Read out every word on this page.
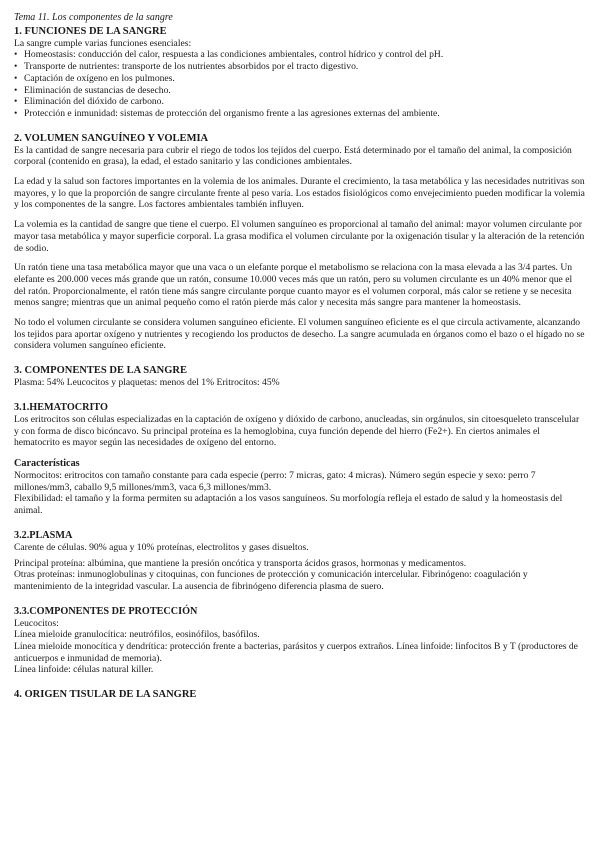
Tema 11. Los componentes de la sangre
1. FUNCIONES DE LA SANGRE

La sangre cumple varias funciones esenciales:

• Homeostasis: conducción del calor, respuesta a las condiciones ambientales, control hídrico y control del pH.
• Transporte de nutrientes: transporte de los nutrientes absorbidos por el tracto digestivo.
• Captación de oxígeno en los pulmones.
• Eliminación de sustancias de desecho.
• Eliminación del dióxido de carbono.
• Protección e inmunidad: sistemas de protección del organismo frente a las agresiones externas del ambiente.
2. VOLUMEN SANGUÍNEO Y VOLEMIA

Es la cantidad de sangre necesaria para cubrir el riego de todos los tejidos del cuerpo. Está determinado por el tamaño del animal, la composición corporal (contenido en grasa), la edad, el estado sanitario y las condiciones ambientales.

La edad y la salud son factores importantes en la volemia de los animales. Durante el crecimiento, la tasa metabólica y las necesidades nutritivas son mayores, y lo que la proporción de sangre circulante frente al peso varía. Los estados fisiológicos como envejecimiento pueden modificar la volemia y los componentes de la sangre. Los factores ambientales también influyen.

La volemia es la cantidad de sangre que tiene el cuerpo. El volumen sanguíneo es proporcional al tamaño del animal: mayor volumen circulante por mayor tasa metabólica y mayor superficie corporal. La grasa modifica el volumen circulante por la oxigenación tisular y la alteración de la retención de sodio.

Un ratón tiene una tasa metabólica mayor que una vaca o un elefante porque el metabolismo se relaciona con la masa elevada a las 3/4 partes. Un elefante es 200.000 veces más grande que un ratón, consume 10.000 veces más que un ratón, pero su volumen circulante es un 40% menor que el del ratón. Proporcionalmente, el ratón tiene más sangre circulante porque cuanto mayor es el volumen corporal, más calor se retiene y se necesita menos sangre; mientras que un animal pequeño como el ratón pierde más calor y necesita más sangre para mantener la homeostasis.

No todo el volumen circulante se considera volumen sanguíneo eficiente. El volumen sanguíneo eficiente es el que circula activamente, alcanzando los tejidos para aportar oxígeno y nutrientes y recogiendo los productos de desecho. La sangre acumulada en órganos como el bazo o el hígado no se considera volumen sanguíneo eficiente.

3. COMPONENTES DE LA SANGRE

Plasma: 54% Leucocitos y plaquetas: menos del 1% Eritrocitos: 45%

3.1.HEMATOCRITO

Los eritrocitos son células especializadas en la captación de oxígeno y dióxido de carbono, anucleadas, sin orgánulos, sin citoesqueleto transcelular y con forma de disco bicóncavo. Su principal proteína es la hemoglobina, cuya función depende del hierro (Fe2+). En ciertos animales el hematocrito es mayor según las necesidades de oxígeno del entorno.

Características

Normocitos: eritrocitos con tamaño constante para cada especie (perro: 7 micras, gato: 4 micras). Número según especie y sexo: perro 7 millones/mm3, caballo 9,5 millones/mm3, vaca 6,3 millones/mm3.

Flexibilidad: el tamaño y la forma permiten su adaptación a los vasos sanguíneos. Su morfología refleja el estado de salud y la homeostasis del animal.

3.2.PLASMA

Carente de células. 90% agua y 10% proteínas, electrolitos y gases disueltos.

Principal proteína: albúmina, que mantiene la presión oncótica y transporta ácidos grasos, hormonas y medicamentos.

Otras proteínas: inmunoglobulinas y citoquinas, con funciones de protección y comunicación intercelular. Fibrinógeno: coagulación y mantenimiento de la integridad vascular. La ausencia de fibrinógeno diferencia plasma de suero.

3.3.COMPONENTES DE PROTECCIÓN

Leucocitos:

Línea mieloide granulocítica: neutrófilos, eosinófilos, basófilos.

Línea mieloide monocítica y dendrítica: protección frente a bacterias, parásitos y cuerpos extraños. Línea linfoide: linfocitos B y T (productores de anticuerpos e inmunidad de memoria).

Línea linfoide: células natural killer.

4. ORIGEN TISULAR DE LA SANGRE
